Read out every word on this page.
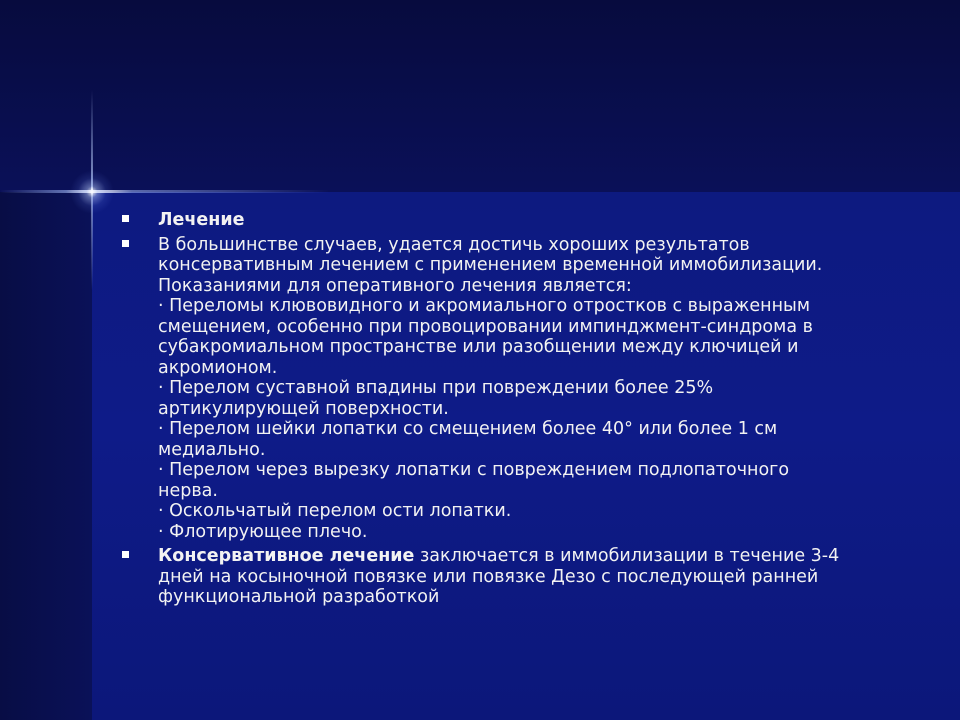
Лечение
В большинстве случаев, удается достичь хороших результатов
консервативным лечением с применением временной иммобилизации.
Показаниями для оперативного лечения является:
· Переломы клювовидного и акромиального отростков с выраженным
смещением, особенно при провоцировании импинджмент-синдрома в
субакромиальном пространстве или разобщении между ключицей и
акромионом.
· Перелом суставной впадины при повреждении более 25%
артикулирующей поверхности.
· Перелом шейки лопатки со смещением более 40° или более 1 см
медиально.
· Перелом через вырезку лопатки с повреждением подлопаточного
нерва.
· Оскольчатый перелом ости лопатки.
· Флотирующее плечо.
Консервативное лечение заключается в иммобилизации в течение 3-4
дней на косыночной повязке или повязке Дезо с последующей ранней
функциональной разработкой
